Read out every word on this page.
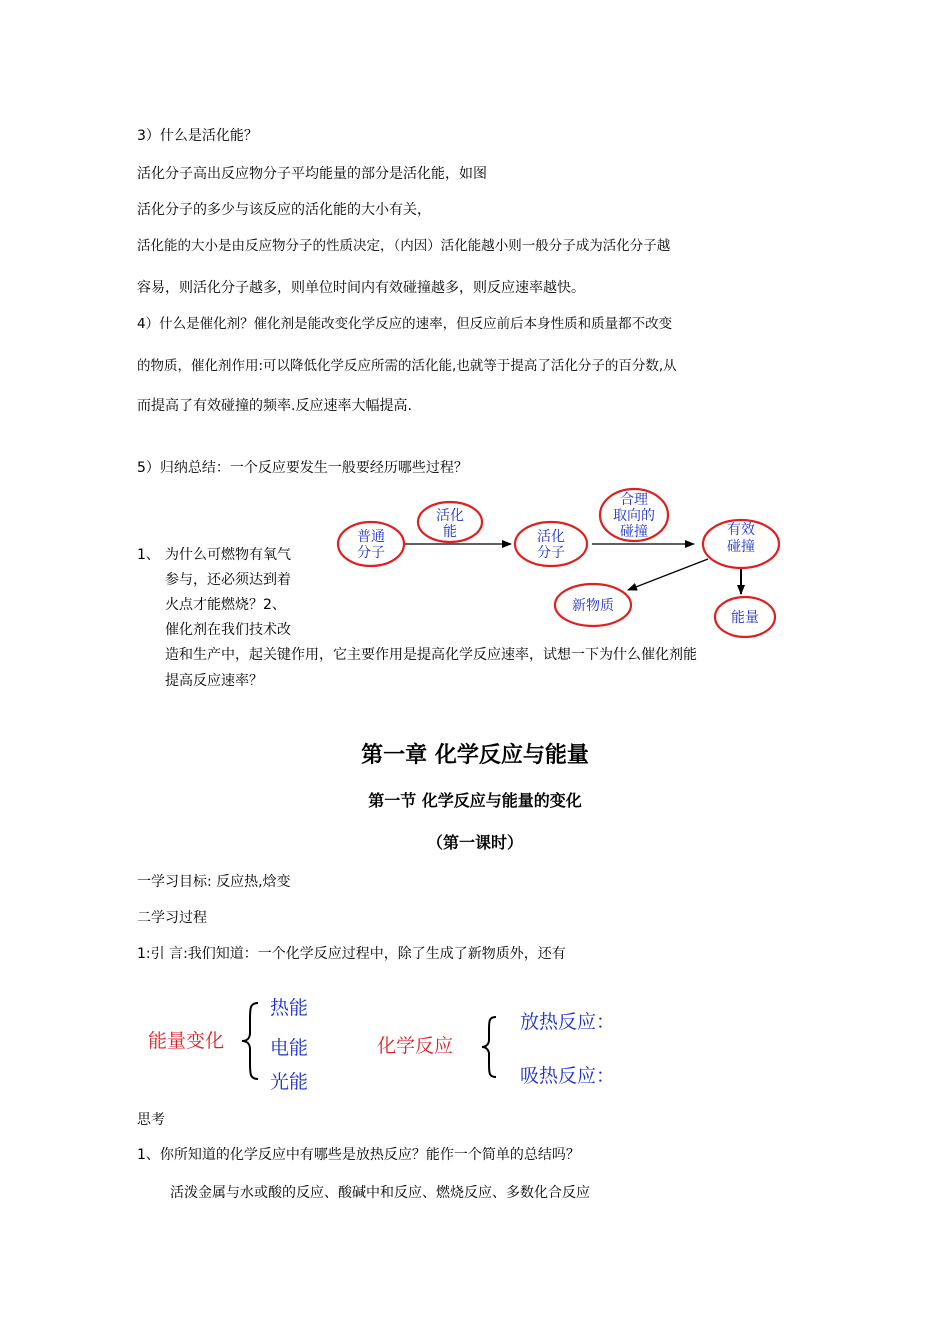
3）什么是活化能？
活化分子高出反应物分子平均能量的部分是活化能，如图
活化分子的多少与该反应的活化能的大小有关，
活化能的大小是由反应物分子的性质决定，（内因）活化能越小则一般分子成为活化分子越
容易，则活化分子越多，则单位时间内有效碰撞越多，则反应速率越快。
4）什么是催化剂？催化剂是能改变化学反应的速率，但反应前后本身性质和质量都不改变
的物质，催化剂作用:可以降低化学反应所需的活化能,也就等于提高了活化分子的百分数,从
而提高了有效碰撞的频率.反应速率大幅提高.
5）归纳总结：一个反应要发生一般要经历哪些过程？
普通
分子
活化
能	活化
分子
合理
取向的
碰撞	有效
碰撞
新物质
能量
1、 为什么可燃物有氧气
参与，还必须达到着
火点才能燃烧？2、
催化剂在我们技术改
造和生产中，起关键作用，它主要作用是提高化学反应速率，试想一下为什么催化剂能
提高反应速率？
第一章 化学反应与能量
第一节 化学反应与能量的变化
（第一课时）
一学习目标: 反应热,焓变
二学习过程
1:引 言:我们知道：一个化学反应过程中，除了生成了新物质外，还有
能量变化
热能
电能
光能
化学反应
放热反应：
吸热反应：
思考
1、你所知道的化学反应中有哪些是放热反应？能作一个简单的总结吗？
活泼金属与水或酸的反应、酸碱中和反应、燃烧反应、多数化合反应
